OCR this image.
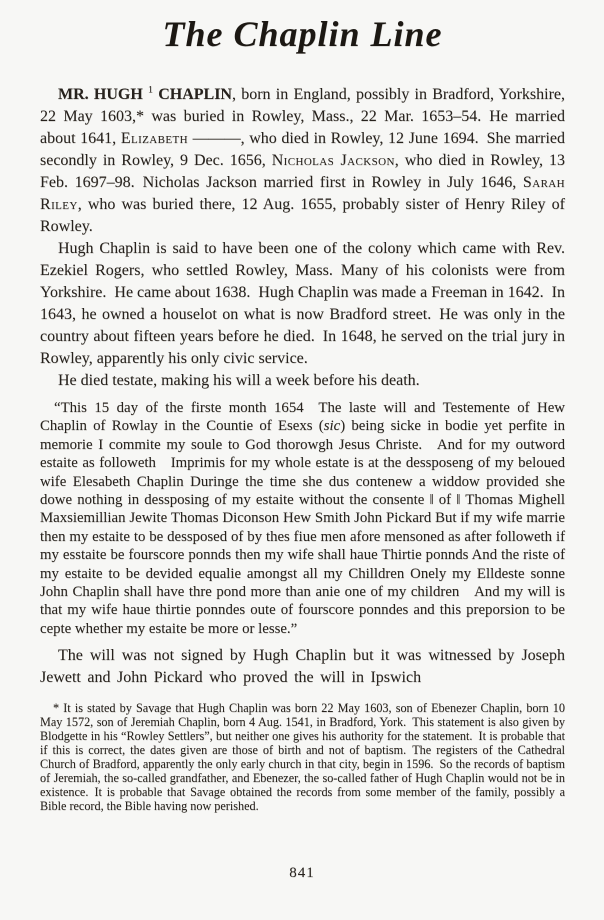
The Chaplin Line

MR. HUGH $^1$ CHAPLIN, born in England, possibly in Bradford, Yorkshire, 22 May 1603,* was buried in Rowley, Mass., 22 Mar. 1653–54. He married about 1641, Elizabeth ———, who died in Rowley, 12 June 1694. She married secondly in Rowley, 9 Dec. 1656, Nicholas Jackson, who died in Rowley, 13 Feb. 1697–98. Nicholas Jackson married first in Rowley in July 1646, Sarah Riley, who was buried there, 12 Aug. 1655, probably sister of Henry Riley of Rowley.

Hugh Chaplin is said to have been one of the colony which came with Rev. Ezekiel Rogers, who settled Rowley, Mass. Many of his colonists were from Yorkshire. He came about 1638. Hugh Chaplin was made a Freeman in 1642. In 1643, he owned a houselot on what is now Bradford street. He was only in the country about fifteen years before he died. In 1648, he served on the trial jury in Rowley, apparently his only civic service.

He died testate, making his will a week before his death.

“This 15 day of the firste month 1654 The laste will and Testemente of Hew Chaplin of Rowlay in the Countie of Esexs (sic) being sicke in bodie yet perfite in memorie I commite my soule to God thorowgh Jesus Christe. And for my outword estaite as followeth Imprimis for my whole estate is at the dessposeng of my beloued wife Elesabeth Chaplin Duringe the time she dus contenew a widdow provided she dowe nothing in dessposing of my estaite without the consente ‖ of ‖ Thomas Mighell Maxsiemillian Jewite Thomas Diconson Hew Smith John Pickard But if my wife marrie then my estaite to be dessposed of by thes fiue men afore mensoned as after followeth if my esstaite be fourscore ponnds then my wife shall haue Thirtie ponnds And the riste of my estaite to be devided equalie amongst all my Chilldren Onely my Elldeste sonne John Chaplin shall have thre pond more than anie one of my children And my will is that my wife haue thirtie ponndes oute of fourscore ponndes and this preporsion to be cepte whether my estaite be more or lesse.”

The will was not signed by Hugh Chaplin but it was witnessed by Joseph Jewett and John Pickard who proved the will in Ipswich

* It is stated by Savage that Hugh Chaplin was born 22 May 1603, son of Ebenezer Chaplin, born 10 May 1572, son of Jeremiah Chaplin, born 4 Aug. 1541, in Bradford, York. This statement is also given by Blodgette in his “Rowley Settlers”, but neither one gives his authority for the statement. It is probable that if this is correct, the dates given are those of birth and not of baptism. The registers of the Cathedral Church of Bradford, apparently the only early church in that city, begin in 1596. So the records of baptism of Jeremiah, the so-called grandfather, and Ebenezer, the so-called father of Hugh Chaplin would not be in existence. It is probable that Savage obtained the records from some member of the family, possibly a Bible record, the Bible having now perished.
841
